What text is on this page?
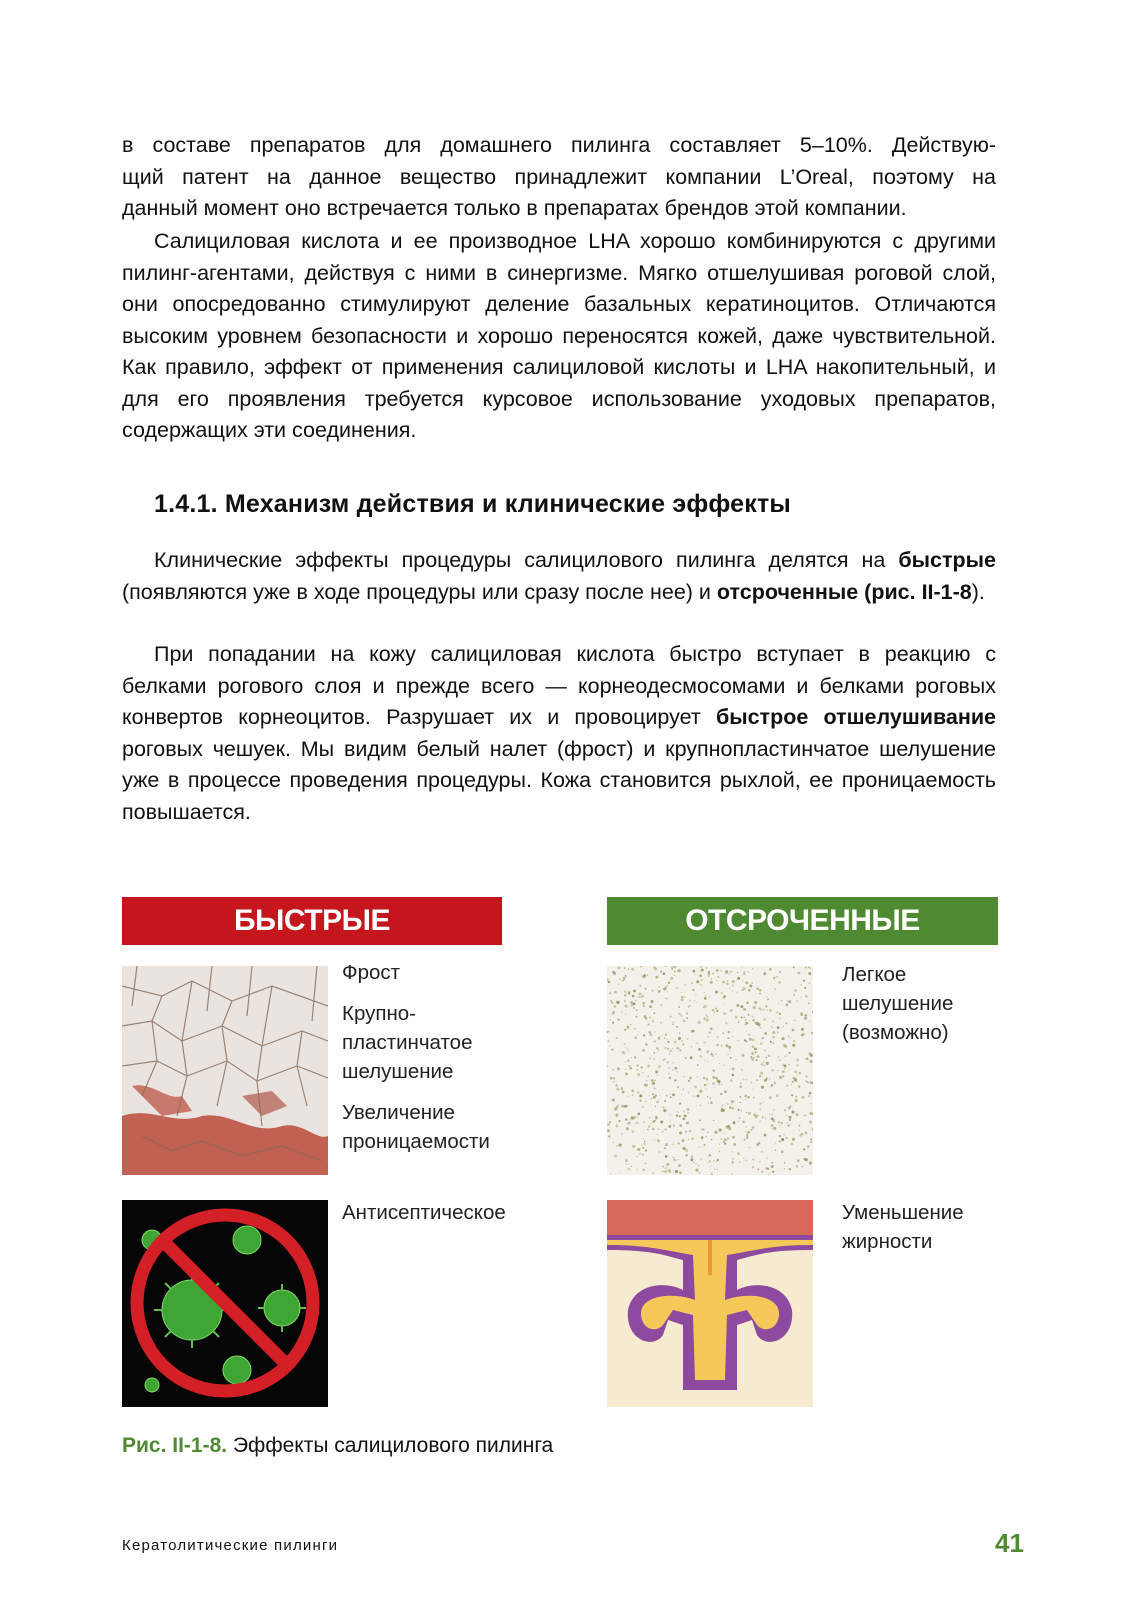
в составе препаратов для домашнего пилинга составляет 5–10%. Действую-

щий патент на данное вещество принадлежит компании L’Oreal, поэтому на

данный момент оно встречается только в препаратах брендов этой компании.

Салициловая кислота и ее производное LHA хорошо комбинируются с другими пилинг-агентами, действуя с ними в синергизме. Мягко отшелушивая роговой слой, они опосредованно стимулируют деление базальных кератиноцитов. Отличаются высоким уровнем безопасности и хорошо переносятся кожей, даже чувствительной. Как правило, эффект от применения салициловой кислоты и LHA накопительный, и для его проявления требуется курсовое использование уходовых препаратов, содержащих эти соединения.

1.4.1. Механизм действия и клинические эффекты

Клинические эффекты процедуры салицилового пилинга делятся на быстрые (появляются уже в ходе процедуры или сразу после нее) и отсроченные (рис. II-1-8).

При попадании на кожу салициловая кислота быстро вступает в реакцию с белками рогового слоя и прежде всего — корнеодесмосомами и белками роговых конвертов корнеоцитов. Разрушает их и провоцирует быстрое отшелушивание роговых чешуек. Мы видим белый налет (фрост) и крупнопластинчатое шелушение уже в процессе проведения процедуры. Кожа становится рыхлой, ее проницаемость повышается.

БЫСТРЫЕ	ОТСРОЧЕННЫЕ
Фрост
Крупно-
пластинчатое
шелушение
Увеличение
проницаемости
Легкое
шелушение
(возможно)
Антисептическое	Уменьшение
жирности
Рис. II-1-8. Эффекты салицилового пилинга
Кератолитические пилинги	41
